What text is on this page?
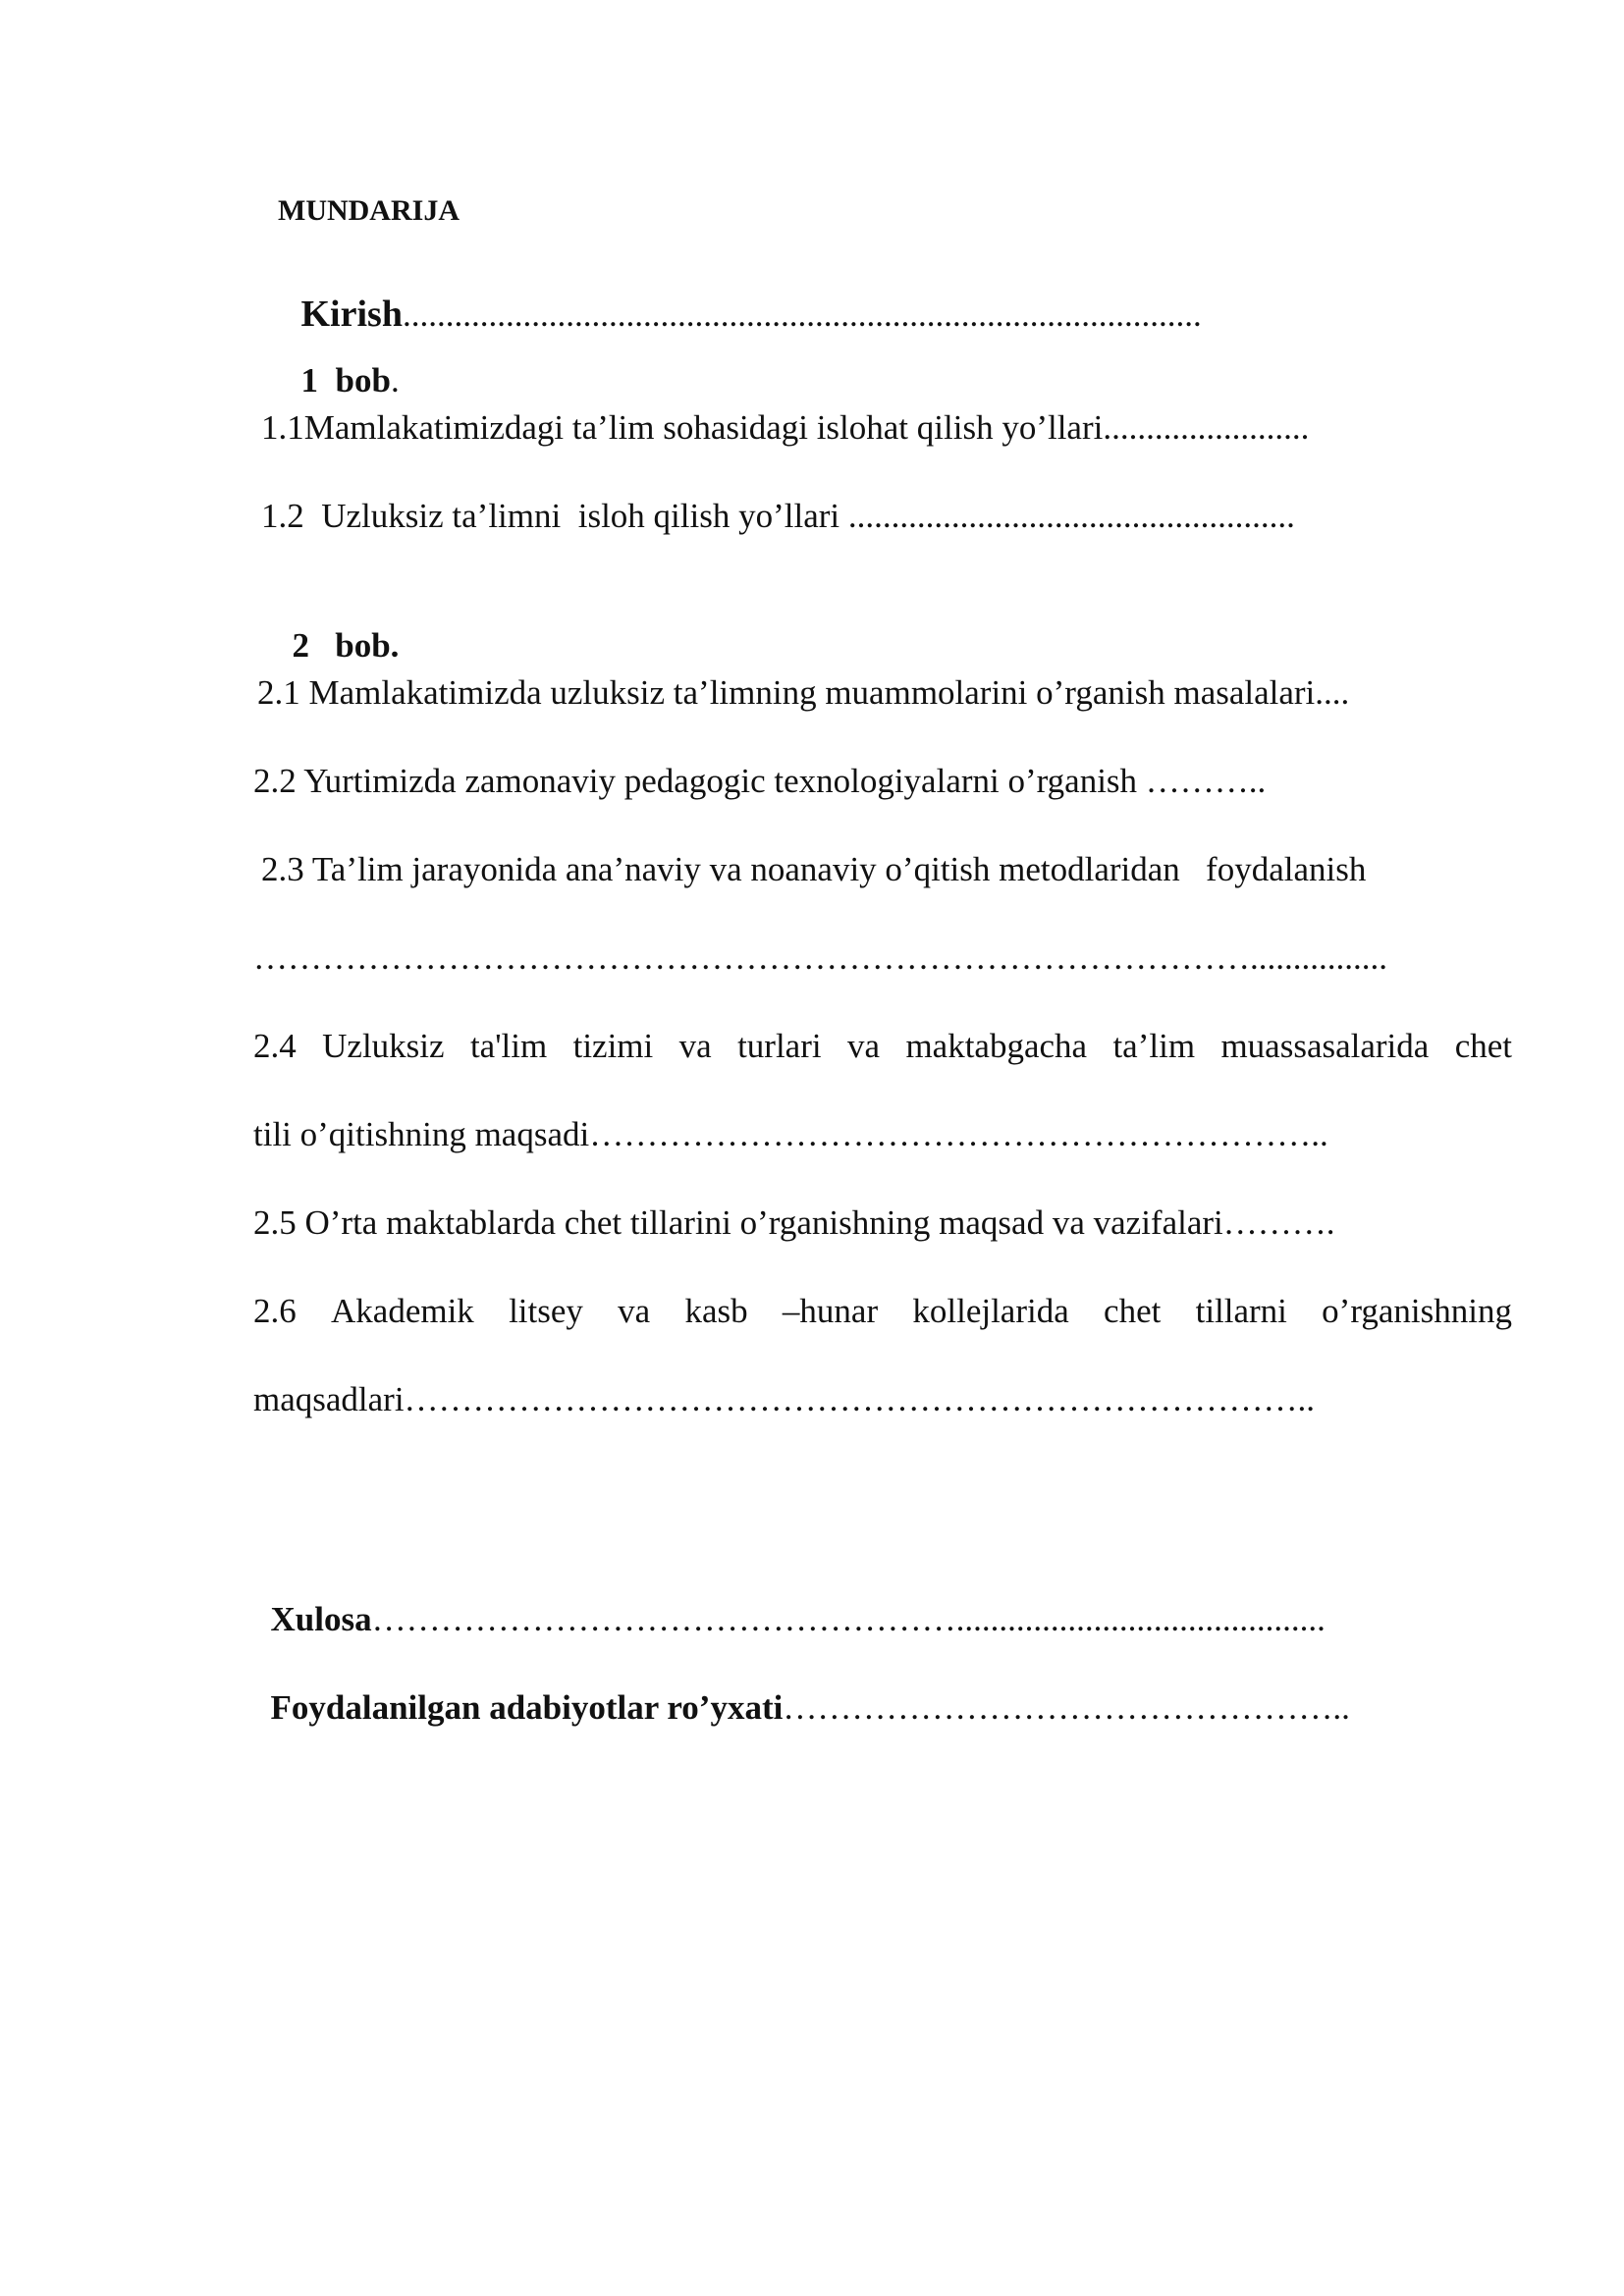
MUNDARIJA

Kirish.............................................................................................

1 bob.

1.1Mamlakatimizdagi ta’lim sohasidagi islohat qilish yo’llari........................
1.2  Uzluksiz ta’limni  isloh qilish yo’llari ....................................................

2 bob.

2.1 Mamlakatimizda uzluksiz ta’limning muammolarini o’rganish masalalari....
2.2 Yurtimizda zamonaviy pedagogic texnologiyalarni o’rganish ………..
2.3 Ta’lim jarayonida ana’naviy va noanaviy o’qitish metodlaridan   foydalanish
……………………………………………………………………………................
2.4 Uzluksiz ta'lim tizimi va turlari va maktabgacha ta’lim muassasalarida chet
tili o’qitishning maqsadi………………………………………………………..
2.5 O’rta maktablarda chet tillarini o’rganishning maqsad va vazifalari……….
2.6 Akademik litsey va kasb –hunar kollejlarida chet tillarni o’rganishning
maqsadlari……………………………………………………………………..

Xulosa……………………………………………...........................................

Foydalanilgan adabiyotlar ro’yxati…………………………………………..
